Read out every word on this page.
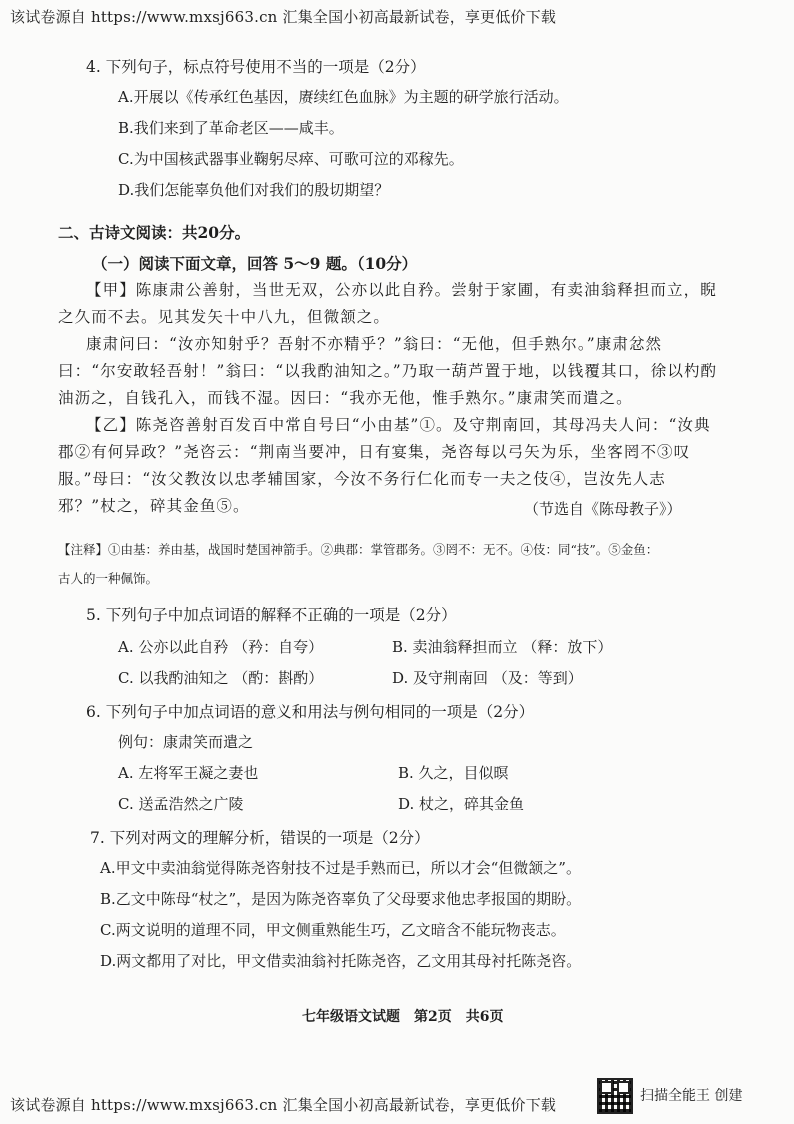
该试卷源自 https://www.mxsj663.cn 汇集全国小初高最新试卷，享更低价下载
4. 下列句子，标点符号使用不当的一项是（2分）
A.开展以《传承红色基因，赓续红色血脉》为主题的研学旅行活动。
B.我们来到了革命老区——咸丰。
C.为中国核武器事业鞠躬尽瘁、可歌可泣的邓稼先。
D.我们怎能辜负他们对我们的殷切期望？
二、古诗文阅读：共20分。
（一）阅读下面文章，回答 5～9 题。（10分）
【甲】陈康肃公善射，当世无双，公亦以此自矜。尝射于家圃，有卖油翁释担而立，睨之久而不去。见其发矢十中八九，但微颔之。
康肃问曰：“汝亦知射乎？吾射不亦精乎？”翁曰：“无他，但手熟尔。”康肃忿然曰：“尔安敢轻吾射！”翁曰：“以我酌油知之。”乃取一葫芦置于地，以钱覆其口，徐以杓酌油沥之，自钱孔入，而钱不湿。因曰：“我亦无他，惟手熟尔。”康肃笑而遣之。
【乙】陈尧咨善射百发百中常自号曰“小由基”①。及守荆南回，其母冯夫人问：“汝典郡②有何异政？”尧咨云：“荆南当要冲，日有宴集，尧咨每以弓矢为乐，坐客罔不③叹服。”母曰：“汝父教汝以忠孝辅国家，今汝不务行仁化而专一夫之伎④，岂汝先人志邪？”杖之，碎其金鱼⑤。	（节选自《陈母教子》）
【注释】①由基：养由基，战国时楚国神箭手。②典郡：掌管郡务。③罔不：无不。④伎：同“技”。⑤金鱼：
古人的一种佩饰。
5. 下列句子中加点词语的解释不正确的一项是（2分）
A. 公亦以此自矜 （矜：自夸）	B. 卖油翁释担而立 （释：放下）
C. 以我酌油知之 （酌：斟酌）	D. 及守荆南回 （及：等到）
6. 下列句子中加点词语的意义和用法与例句相同的一项是（2分）
例句：康肃笑而遣之
A. 左将军王凝之妻也	B. 久之，目似暝
C. 送孟浩然之广陵	D. 杖之，碎其金鱼
7. 下列对两文的理解分析，错误的一项是（2分）
A.甲文中卖油翁觉得陈尧咨射技不过是手熟而已，所以才会“但微颔之”。
B.乙文中陈母“杖之”，是因为陈尧咨辜负了父母要求他忠孝报国的期盼。
C.两文说明的道理不同，甲文侧重熟能生巧，乙文暗含不能玩物丧志。
D.两文都用了对比，甲文借卖油翁衬托陈尧咨，乙文用其母衬托陈尧咨。
七年级语文试题　第2页　共6页
该试卷源自 https://www.mxsj663.cn 汇集全国小初高最新试卷，享更低价下载	扫描全能王 创建
